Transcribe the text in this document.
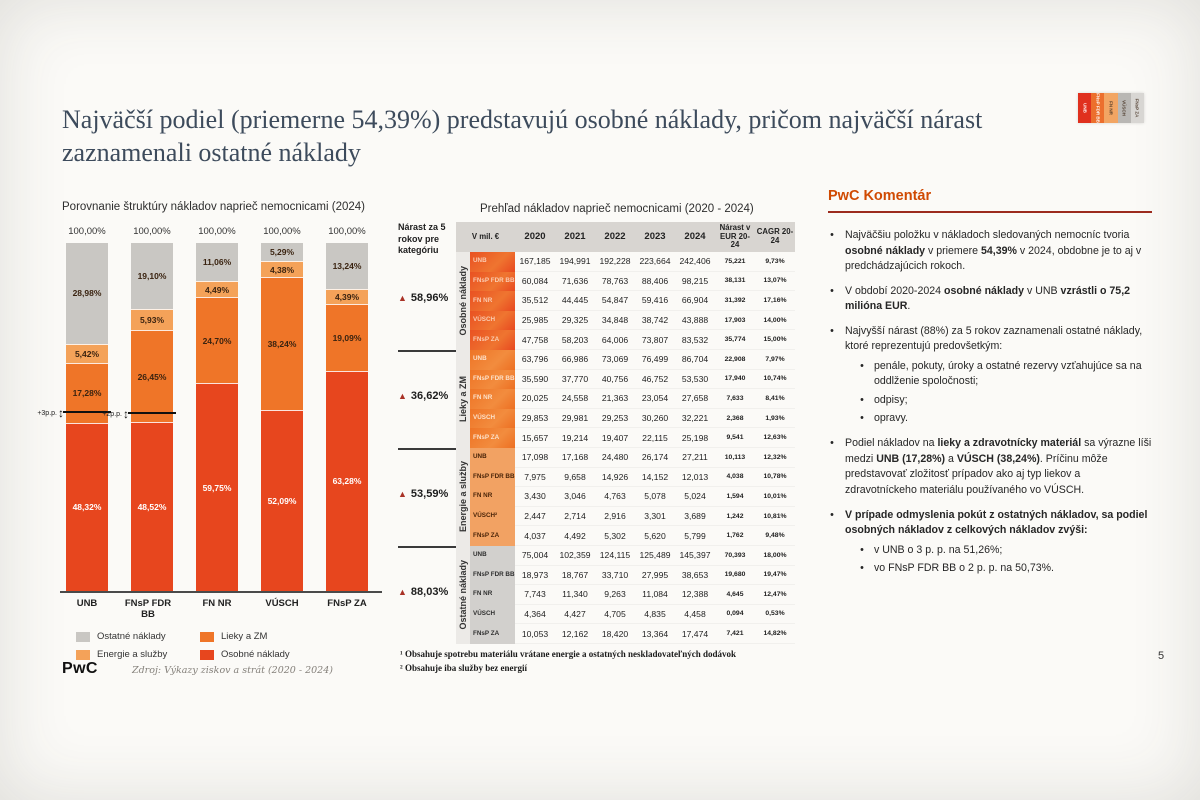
Najväčší podiel (priemerne 54,39%) predstavujú osobné náklady, pričom najväčší nárast zaznamenali ostatné náklady
UNB FNsP FDR BB FN NR VÚSCH FNsP ZA
Porovnanie štruktúry nákladov naprieč nemocnicami (2024)
100,00%
28,98%
5,42%
17,28%
48,32%
↕
+3p.p.
100,00%
19,10%
5,93%
26,45%
48,52%
↕
+2p.p.
100,00%
11,06%
4,49%
24,70%
59,75%
100,00%
5,29%
4,38%
38,24%
52,09%
100,00%
13,24%
4,39%
19,09%
63,28%
UNB	FNsP FDR BB
FN NR	VÚSCH	FNsP ZA
Ostatné náklady	Lieky a ZM
Energie a služby	Osobné náklady
PwC	Zdroj: Výkazy ziskov a strát (2020 - 2024)
5
Prehľad nákladov naprieč nemocnicami (2020 - 2024)
Nárast za 5 rokov pre kategóriu
▲ 58,96%
▲ 36,62%
▲ 53,59%
▲ 88,03%
V mil. €	2020	2021	2022	2023	2024
Nárast v EUR 20-24
CAGR 20-24
Osobné náklady
UNB	167,185	194,991	192,228	223,664	242,406	75,221	9,73%
FNsP FDR BB 60,084	71,636	78,763	88,406	98,215	38,131	13,07%
FN NR	35,512	44,445	54,847	59,416	66,904	31,392	17,16%
VÚSCH	25,985	29,325	34,848	38,742	43,888	17,903	14,00%
FNsP ZA	47,758	58,203	64,006	73,807	83,532	35,774	15,00%
Lieky a ZM
UNB	63,796	66,986	73,069	76,499	86,704	22,908	7,97%
FNsP FDR BB 35,590	37,770	40,756	46,752	53,530	17,940	10,74%
FN NR	20,025	24,558	21,363	23,054	27,658	7,633	8,41%
VÚSCH	29,853	29,981	29,253	30,260	32,221	2,368	1,93%
FNsP ZA	15,657	19,214	19,407	22,115	25,198	9,541	12,63%
Energie a služby
UNB	17,098	17,168	24,480	26,174	27,211	10,113	12,32%
FNsP FDR BB	7,975	9,658	14,926	14,152	12,013	4,038	10,78%
FN NR	3,430	3,046	4,763	5,078	5,024	1,594	10,01%
VÚSCH²	2,447	2,714	2,916	3,301	3,689	1,242	10,81%
FNsP ZA	4,037	4,492	5,302	5,620	5,799	1,762	9,48%
Ostatné náklady
UNB	75,004	102,359	124,115	125,489	145,397	70,393	18,00%
FNsP FDR BB 18,973	18,767	33,710	27,995	38,653	19,680	19,47%
FN NR	7,743	11,340	9,263	11,084	12,388	4,645	12,47%
VÚSCH	4,364	4,427	4,705	4,835	4,458	0,094	0,53%
FNsP ZA	10,053	12,162	18,420	13,364	17,474	7,421	14,82%
¹ Obsahuje spotrebu materiálu vrátane energie a ostatných neskladovateľných dodávok
² Obsahuje iba služby bez energií
PwC Komentár
• Najväčšiu položku v nákladoch sledovaných nemocníc tvoria osobné náklady v priemere 54,39% v 2024, obdobne je to aj v predchádzajúcich rokoch.
• V období 2020-2024 osobné náklady v UNB vzrástli o 75,2 milióna EUR.
• Najvyšší nárast (88%) za 5 rokov zaznamenali ostatné náklady, ktoré reprezentujú predovšetkým:
• penále, pokuty, úroky a ostatné rezervy vzťahujúce sa na oddlženie spoločnosti;
• odpisy;
• opravy.
• Podiel nákladov na lieky a zdravotnícky materiál sa výrazne líši medzi UNB (17,28%) a VÚSCH (38,24%). Príčinu môže predstavovať zložitosť prípadov ako aj typ liekov a zdravotníckeho materiálu používaného vo VÚSCH.
• V prípade odmyslenia pokút z ostatných nákladov, sa podiel osobných nákladov z celkových nákladov zvýši:
• v UNB o 3 p. p. na 51,26%;
• vo FNsP FDR BB o 2 p. p. na 50,73%.
